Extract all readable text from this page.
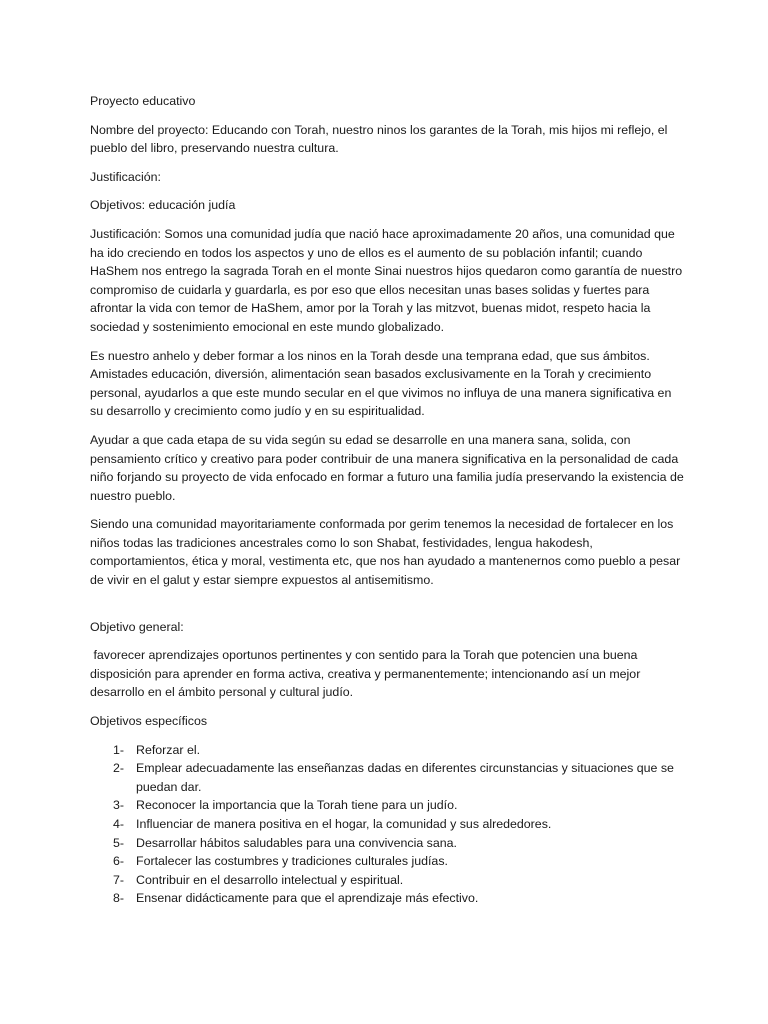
Proyecto educativo

Nombre del proyecto: Educando con Torah, nuestro ninos los garantes de la Torah, mis hijos mi reflejo, el pueblo del libro, preservando nuestra cultura.

Justificación:

Objetivos: educación judía

Justificación: Somos una comunidad judía que nació hace aproximadamente 20 años, una comunidad que ha ido creciendo en todos los aspectos y uno de ellos es el aumento de su población infantil; cuando HaShem nos entrego la sagrada Torah en el monte Sinai nuestros hijos quedaron como garantía de nuestro compromiso de cuidarla y guardarla, es por eso que ellos necesitan unas bases solidas y fuertes para afrontar la vida con temor de HaShem, amor por la Torah y las mitzvot, buenas midot, respeto hacia la sociedad y sostenimiento emocional en este mundo globalizado.

Es nuestro anhelo y deber formar a los ninos en la Torah desde una temprana edad, que sus ámbitos. Amistades educación, diversión, alimentación sean basados exclusivamente en la Torah y crecimiento personal, ayudarlos a que este mundo secular en el que vivimos no influya de una manera significativa en su desarrollo y crecimiento como judío y en su espiritualidad.

Ayudar a que cada etapa de su vida según su edad se desarrolle en una manera sana, solida, con pensamiento crítico y creativo para poder contribuir de una manera significativa en la personalidad de cada niño forjando su proyecto de vida enfocado en formar a futuro una familia judía preservando la existencia de nuestro pueblo.

Siendo una comunidad mayoritariamente conformada por gerim tenemos la necesidad de fortalecer en los niños todas las tradiciones ancestrales como lo son Shabat, festividades, lengua hakodesh, comportamientos, ética y moral, vestimenta etc, que nos han ayudado a mantenernos como pueblo a pesar de vivir en el galut y estar siempre expuestos al antisemitismo.

Objetivo general:

favorecer aprendizajes oportunos pertinentes y con sentido para la Torah que potencien una buena disposición para aprender en forma activa, creativa y permanentemente; intencionando así un mejor desarrollo en el ámbito personal y cultural judío.

Objetivos específicos

1- Reforzar el.
2- Emplear adecuadamente las enseñanzas dadas en diferentes circunstancias y situaciones que se puedan dar.
3- Reconocer la importancia que la Torah tiene para un judío.
4- Influenciar de manera positiva en el hogar, la comunidad y sus alrededores.
5- Desarrollar hábitos saludables para una convivencia sana.
6- Fortalecer las costumbres y tradiciones culturales judías.
7- Contribuir en el desarrollo intelectual y espiritual.
8- Ensenar didácticamente para que el aprendizaje más efectivo.
